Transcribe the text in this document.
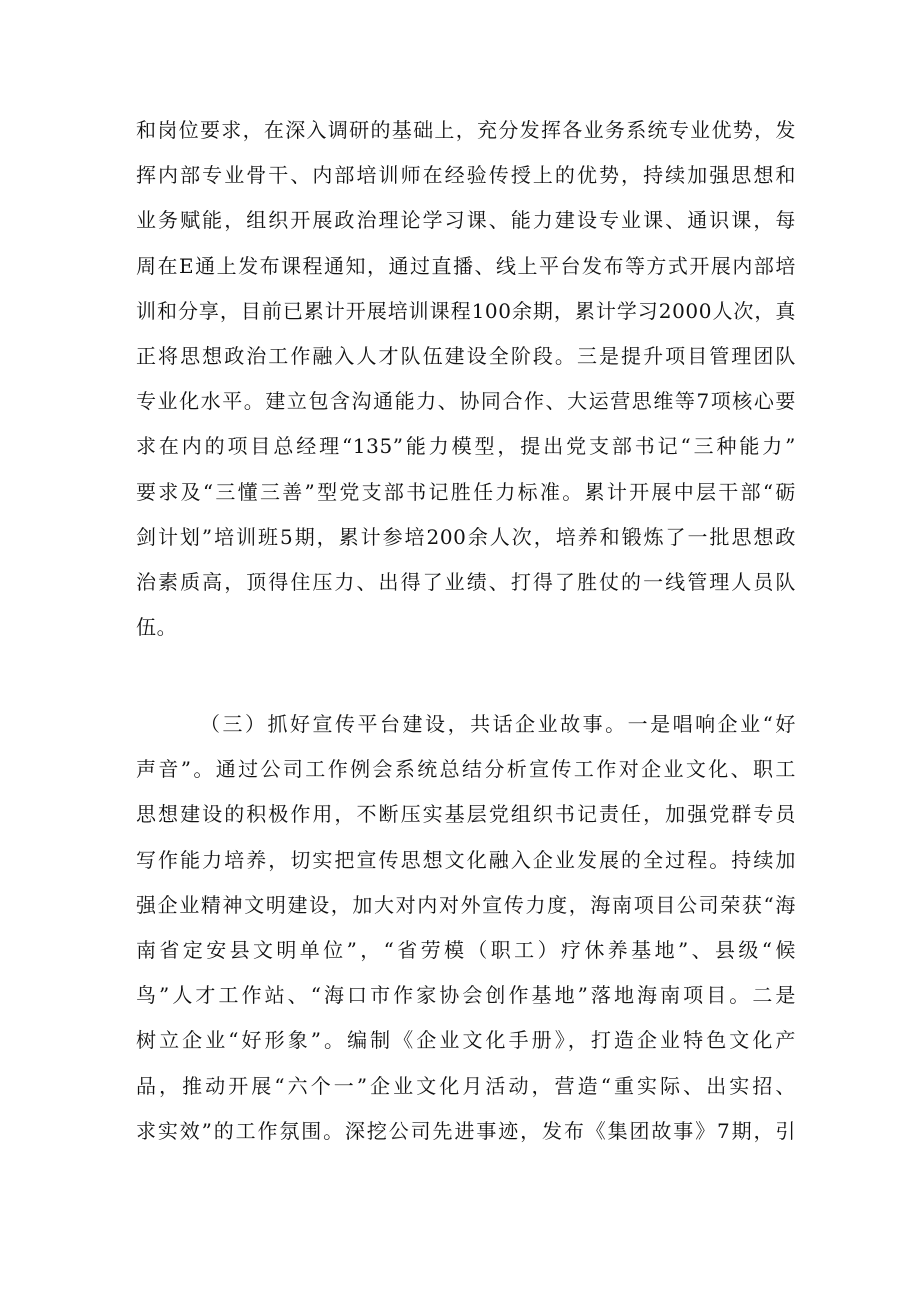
和岗位要求，在深入调研的基础上，充分发挥各业务系统专业优势，发
挥内部专业骨干、内部培训师在经验传授上的优势，持续加强思想和
业务赋能，组织开展政治理论学习课、能力建设专业课、通识课，每
周在E通上发布课程通知，通过直播、线上平台发布等方式开展内部培
训和分享，目前已累计开展培训课程100余期，累计学习2000人次，真
正将思想政治工作融入人才队伍建设全阶段。三是提升项目管理团队
专业化水平。建立包含沟通能力、协同合作、大运营思维等7项核心要
求在内的项目总经理“135”能力模型，提出党支部书记“三种能力”
要求及“三懂三善”型党支部书记胜任力标准。累计开展中层干部“砺
剑计划”培训班5期，累计参培200余人次，培养和锻炼了一批思想政
治素质高，顶得住压力、出得了业绩、打得了胜仗的一线管理人员队
伍。
（三）抓好宣传平台建设，共话企业故事。一是唱响企业“好
声音”。通过公司工作例会系统总结分析宣传工作对企业文化、职工
思想建设的积极作用，不断压实基层党组织书记责任，加强党群专员
写作能力培养，切实把宣传思想文化融入企业发展的全过程。持续加
强企业精神文明建设，加大对内对外宣传力度，海南项目公司荣获“海
南省定安县文明单位”，“省劳模（职工）疗休养基地”、县级“候
鸟”人才工作站、“海口市作家协会创作基地”落地海南项目。二是
树立企业“好形象”。编制《企业文化手册》，打造企业特色文化产
品，推动开展“六个一”企业文化月活动，营造“重实际、出实招、
求实效”的工作氛围。深挖公司先进事迹，发布《集团故事》7期，引
